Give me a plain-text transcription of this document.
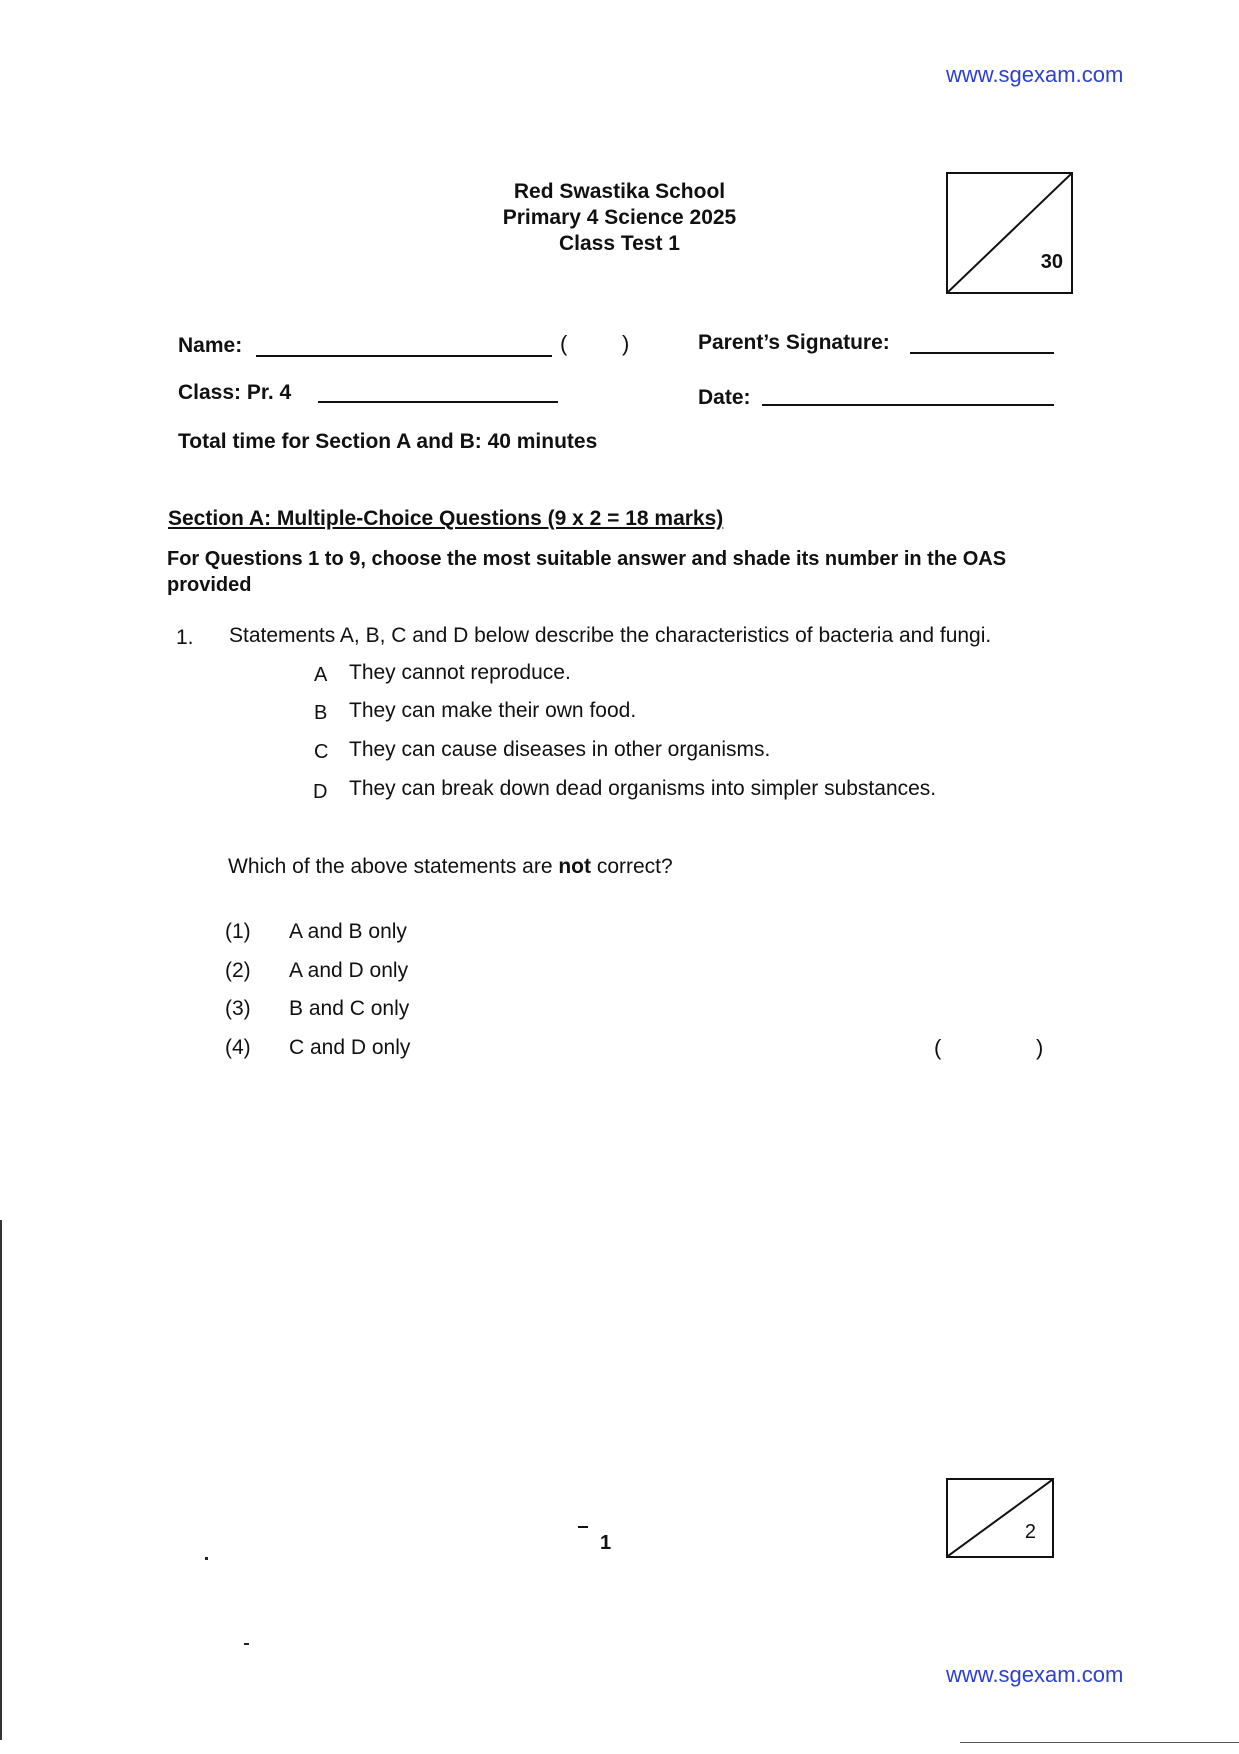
www.sgexam.com
Red Swastika School
Primary 4 Science 2025
Class Test 1
30
Name:	( )	Parent’s Signature:
Class: Pr. 4	Date:
Total time for Section A and B: 40 minutes
Section A: Multiple-Choice Questions (9 x 2 = 18 marks)
For Questions 1 to 9, choose the most suitable answer and shade its number in the OAS provided
1. Statements A, B, C and D below describe the characteristics of bacteria and fungi.
A They cannot reproduce.
B They can make their own food.
C They can cause diseases in other organisms.
D They can break down dead organisms into simpler substances.
Which of the above statements are not correct?
(1) A and B only
(2) A and D only
(3) B and C only
(4) C and D only	(	)
1	2
www.sgexam.com
